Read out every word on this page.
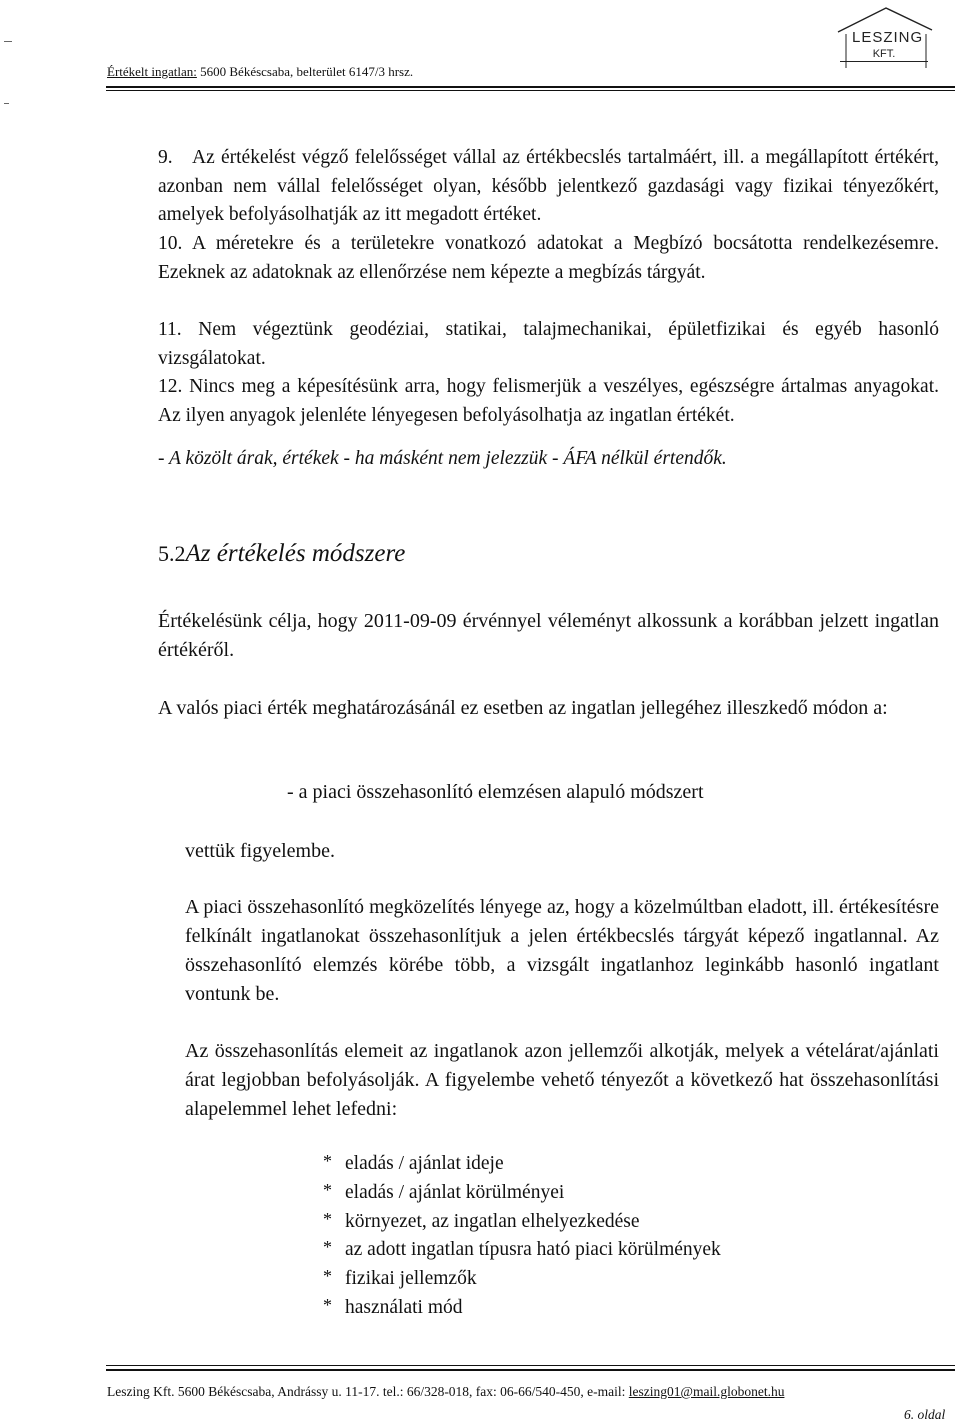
Értékelt ingatlan: 5600 Békéscsaba, belterület 6147/3 hrsz.
LESZING
KFT.
9. Az értékelést végző felelősséget vállal az értékbecslés tartalmáért, ill. a megállapított értékért, azonban nem vállal felelősséget olyan, később jelentkező gazdasági vagy fizikai tényezőkért, amelyek befolyásolhatják az itt megadott értéket.
10. A méretekre és a területekre vonatkozó adatokat a Megbízó bocsátotta rendelkezésemre. Ezeknek az adatoknak az ellenőrzése nem képezte a megbízás tárgyát.
11. Nem végeztünk geodéziai, statikai, talajmechanikai, épületfizikai és egyéb hasonló vizsgálatokat.
12. Nincs meg a képesítésünk arra, hogy felismerjük a veszélyes, egészségre ártalmas anyagokat. Az ilyen anyagok jelenléte lényegesen befolyásolhatja az ingatlan értékét.
- A közölt árak, értékek - ha másként nem jelezzük - ÁFA nélkül értendők.
5.2Az értékelés módszere
Értékelésünk célja, hogy 2011-09-09 érvénnyel véleményt alkossunk a korábban jelzett ingatlan értékéről.
A valós piaci érték meghatározásánál ez esetben az ingatlan jellegéhez illeszkedő módon a:
- a piaci összehasonlító elemzésen alapuló módszert
vettük figyelembe.
A piaci összehasonlító megközelítés lényege az, hogy a közelmúltban eladott, ill. értékesítésre felkínált ingatlanokat összehasonlítjuk a jelen értékbecslés tárgyát képező ingatlannal. Az összehasonlító elemzés körébe több, a vizsgált ingatlanhoz leginkább hasonló ingatlant vontunk be.
Az összehasonlítás elemeit az ingatlanok azon jellemzői alkotják, melyek a vételárat/ajánlati árat legjobban befolyásolják. A figyelembe vehető tényezőt a következő hat összehasonlítási alapelemmel lehet lefedni:
* eladás / ajánlat ideje
* eladás / ajánlat körülményei
* környezet, az ingatlan elhelyezkedése
* az adott ingatlan típusra ható piaci körülmények
* fizikai jellemzők
* használati mód
Leszing Kft. 5600 Békéscsaba, Andrássy u. 11-17. tel.: 66/328-018, fax: 06-66/540-450, e-mail: leszing01@mail.globonet.hu
6. oldal
